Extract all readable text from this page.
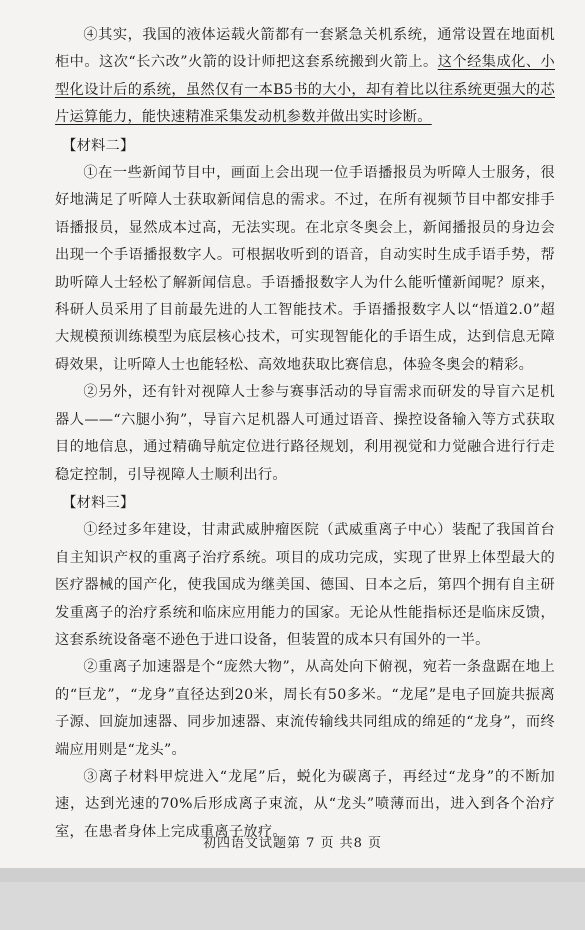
④其实，我国的液体运载火箭都有一套紧急关机系统，通常设置在地面机柜中。这次“长六改”火箭的设计师把这套系统搬到火箭上。这个经集成化、小型化设计后的系统，虽然仅有一本B5书的大小，却有着比以往系统更强大的芯片运算能力，能快速精准采集发动机参数并做出实时诊断。

【材料二】

①在一些新闻节目中，画面上会出现一位手语播报员为听障人士服务，很好地满足了听障人士获取新闻信息的需求。不过，在所有视频节目中都安排手语播报员，显然成本过高，无法实现。在北京冬奥会上，新闻播报员的身边会出现一个手语播报数字人。可根据收听到的语音，自动实时生成手语手势，帮助听障人士轻松了解新闻信息。手语播报数字人为什么能听懂新闻呢？原来，科研人员采用了目前最先进的人工智能技术。手语播报数字人以“悟道2.0”超大规模预训练模型为底层核心技术，可实现智能化的手语生成，达到信息无障碍效果，让听障人士也能轻松、高效地获取比赛信息，体验冬奥会的精彩。

②另外，还有针对视障人士参与赛事活动的导盲需求而研发的导盲六足机器人——“六腿小狗”，导盲六足机器人可通过语音、操控设备输入等方式获取目的地信息，通过精确导航定位进行路径规划，利用视觉和力觉融合进行行走稳定控制，引导视障人士顺利出行。

【材料三】

①经过多年建设，甘肃武威肿瘤医院（武威重离子中心）装配了我国首台自主知识产权的重离子治疗系统。项目的成功完成，实现了世界上体型最大的医疗器械的国产化，使我国成为继美国、德国、日本之后，第四个拥有自主研发重离子的治疗系统和临床应用能力的国家。无论从性能指标还是临床反馈，这套系统设备毫不逊色于进口设备，但装置的成本只有国外的一半。

②重离子加速器是个“庞然大物”，从高处向下俯视，宛若一条盘踞在地上的“巨龙”，“龙身”直径达到20米，周长有50多米。“龙尾”是电子回旋共振离子源、回旋加速器、同步加速器、束流传输线共同组成的绵延的“龙身”，而终端应用则是“龙头”。

③离子材料甲烷进入“龙尾”后，蜕化为碳离子，再经过“龙身”的不断加速，达到光速的70%后形成离子束流，从“龙头”喷薄而出，进入到各个治疗室，在患者身体上完成重离子放疗。

初四语文试题第 7 页 共8 页
